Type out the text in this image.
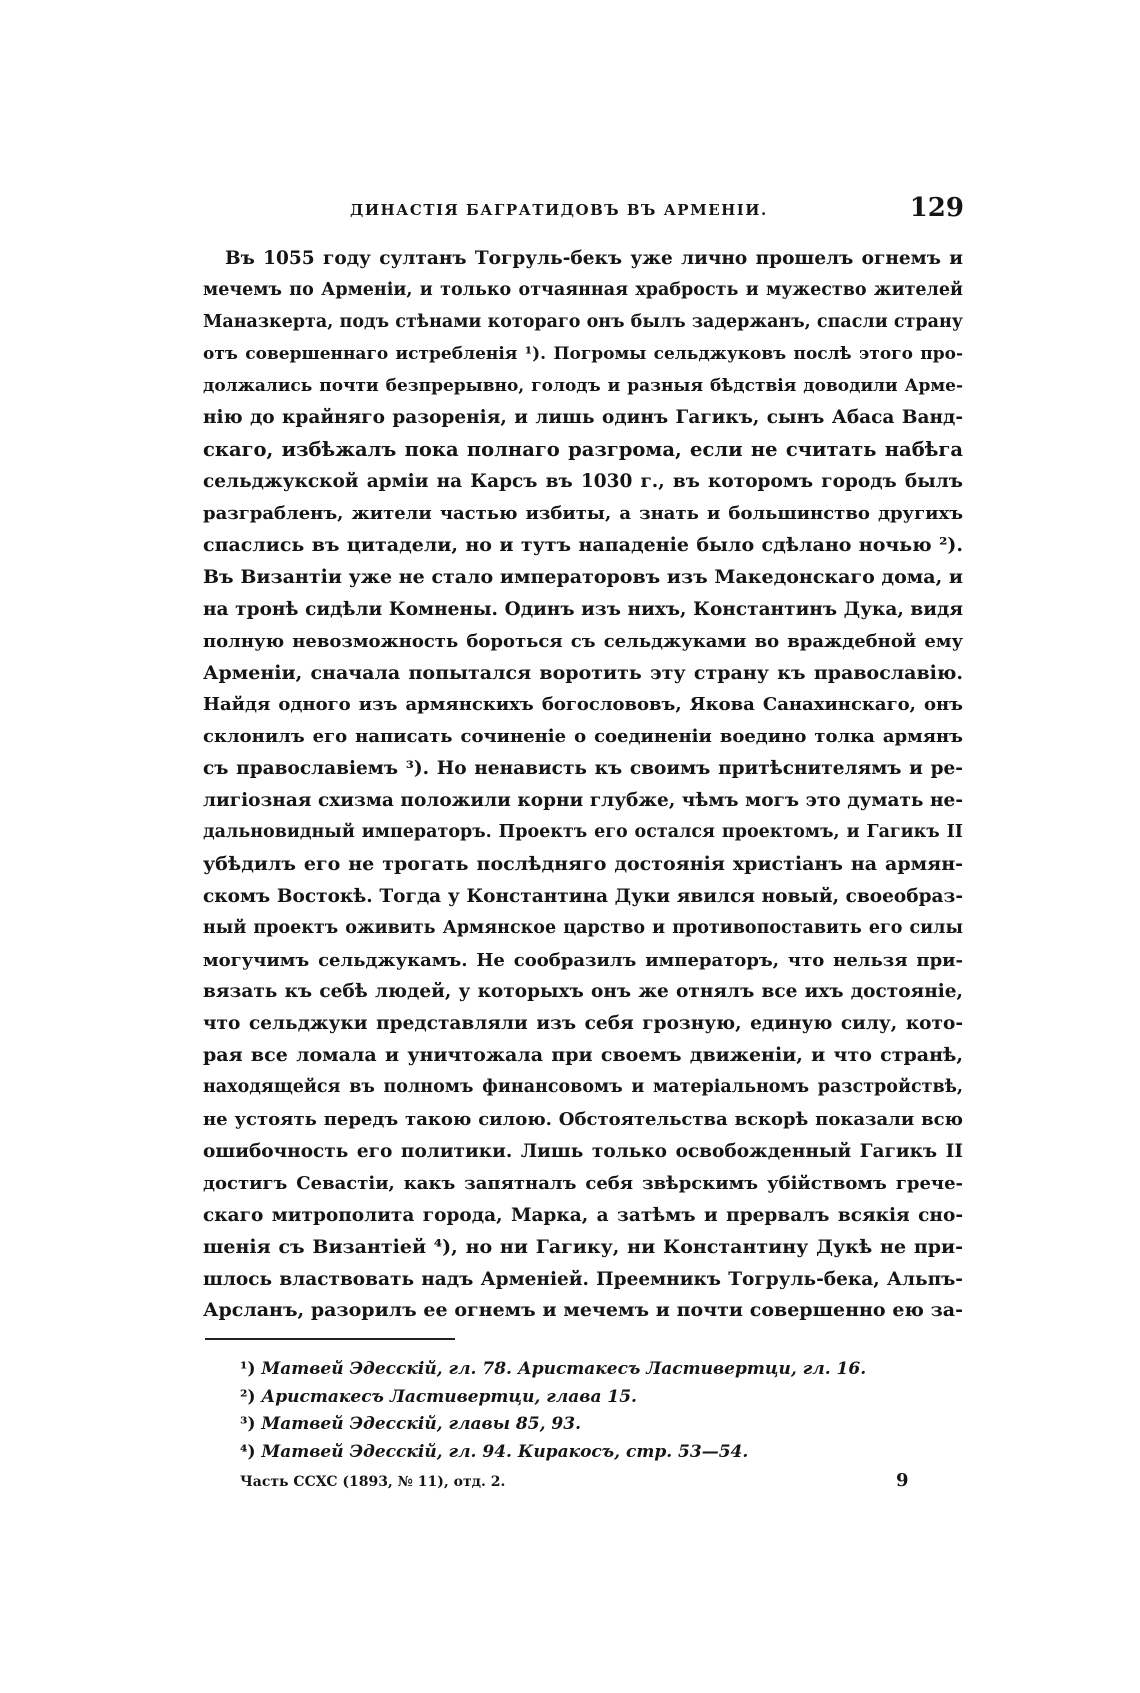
ДИНАСТІЯ БАГРАТИДОВЪ ВЪ АРМЕНІИ.	129
Въ 1055 году султанъ Тогруль-бекъ уже лично прошелъ огнемъ и
мечемъ по Арменіи, и только отчаянная храбрость и мужество жителей
Маназкерта, подъ стѣнами котораго онъ былъ задержанъ, спасли страну
отъ совершеннаго истребленія ¹). Погромы сельджуковъ послѣ этого про-
должались почти безпрерывно, голодъ и разныя бѣдствія доводили Арме-
нію до крайняго разоренія, и лишь одинъ Гагикъ, сынъ Абаса Ванд-
скаго, избѣжалъ пока полнаго разгрома, если не считать набѣга
сельджукской арміи на Карсъ въ 1030 г., въ которомъ городъ былъ
разграбленъ, жители частью избиты, а знать и большинство другихъ
спаслись въ цитадели, но и тутъ нападеніе было сдѣлано ночью ²).
Въ Византіи уже не стало императоровъ изъ Македонскаго дома, и
на тронѣ сидѣли Комнены. Одинъ изъ нихъ, Константинъ Дука, видя
полную невозможность бороться съ сельджуками во враждебной ему
Арменіи, сначала попытался воротить эту страну къ православію.
Найдя одного изъ армянскихъ богослововъ, Якова Санахинскаго, онъ
склонилъ его написать сочиненіе о соединеніи воедино толка армянъ
съ православіемъ ³). Но ненависть къ своимъ притѣснителямъ и ре-
лигіозная схизма положили корни глубже, чѣмъ могъ это думать не-
дальновидный императоръ. Проектъ его остался проектомъ, и Гагикъ II
убѣдилъ его не трогать послѣдняго достоянія христіанъ на армян-
скомъ Востокѣ. Тогда у Константина Дуки явился новый, своеобраз-
ный проектъ оживить Армянское царство и противопоставить его силы
могучимъ сельджукамъ. Не сообразилъ императоръ, что нельзя при-
вязать къ себѣ людей, у которыхъ онъ же отнялъ все ихъ достояніе,
что сельджуки представляли изъ себя грозную, единую силу, кото-
рая все ломала и уничтожала при своемъ движеніи, и что странѣ,
находящейся въ полномъ финансовомъ и матеріальномъ разстройствѣ,
не устоять передъ такою силою. Обстоятельства вскорѣ показали всю
ошибочность его политики. Лишь только освобожденный Гагикъ II
достигъ Севастіи, какъ запятналъ себя звѣрскимъ убійствомъ грече-
скаго митрополита города, Марка, а затѣмъ и прервалъ всякія сно-
шенія съ Византіей ⁴), но ни Гагику, ни Константину Дукѣ не при-
шлось властвовать надъ Арменіей. Преемникъ Тогруль-бека, Альпъ-
Арсланъ, разорилъ ее огнемъ и мечемъ и почти совершенно ею за-
¹) Матвей Эдесскій, гл. 78. Аристакесъ Ластивертци, гл. 16.
²) Аристакесъ Ластивертци, глава 15.
³) Матвей Эдесскій, главы 85, 93.
⁴) Матвей Эдесскій, гл. 94. Киракосъ, стр. 53—54.
Часть CCXC (1893, № 11), отд. 2.	9
